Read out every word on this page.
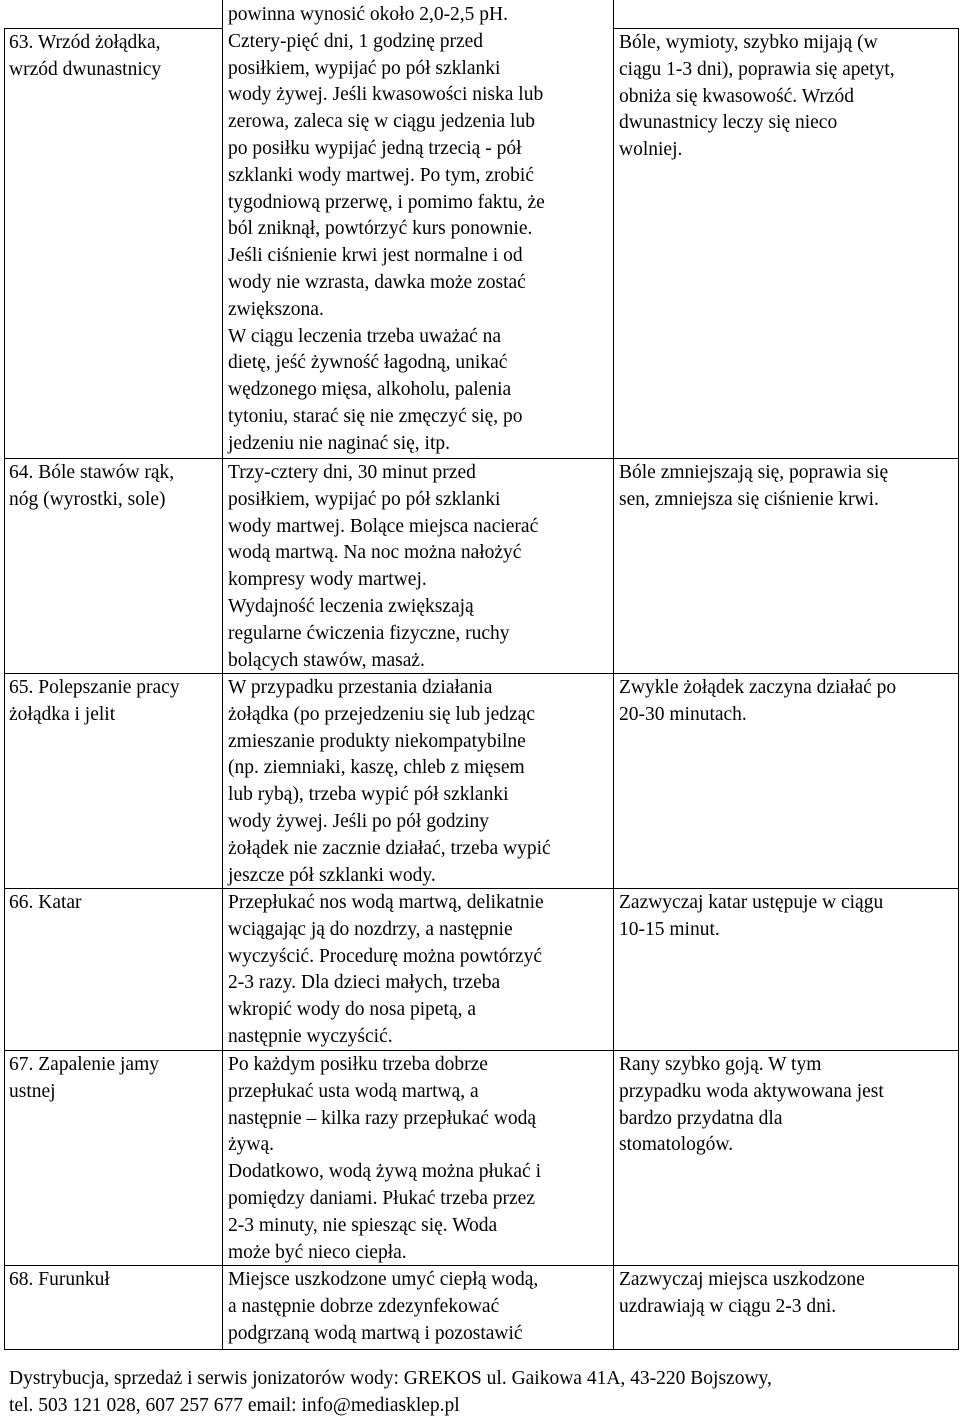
63. Wrzód żołądka,
wrzód dwunastnicy
powinna wynosić około 2,0-2,5 pH.
Cztery-pięć dni, 1 godzinę przed
posiłkiem, wypijać po pół szklanki
wody żywej. Jeśli kwasowości niska lub
zerowa, zaleca się w ciągu jedzenia lub
po posiłku wypijać jedną trzecią - pół
szklanki wody martwej. Po tym, zrobić
tygodniową przerwę, i pomimo faktu, że
ból zniknął, powtórzyć kurs ponownie.
Jeśli ciśnienie krwi jest normalne i od
wody nie wzrasta, dawka może zostać
zwiększona.
W ciągu leczenia trzeba uważać na
dietę, jeść żywność łagodną, unikać
wędzonego mięsa, alkoholu, palenia
tytoniu, starać się nie zmęczyć się, po
jedzeniu nie naginać się, itp.
Bóle, wymioty, szybko mijają (w
ciągu 1-3 dni), poprawia się apetyt,
obniża się kwasowość. Wrzód
dwunastnicy leczy się nieco
wolniej.
64. Bóle stawów rąk,
nóg (wyrostki, sole)
Trzy-cztery dni, 30 minut przed
posiłkiem, wypijać po pół szklanki
wody martwej. Bolące miejsca nacierać
wodą martwą. Na noc można nałożyć
kompresy wody martwej.
Wydajność leczenia zwiększają
regularne ćwiczenia fizyczne, ruchy
bolących stawów, masaż.
Bóle zmniejszają się, poprawia się
sen, zmniejsza się ciśnienie krwi.
65. Polepszanie pracy
żołądka i jelit
W przypadku przestania działania
żołądka (po przejedzeniu się lub jedząc
zmieszanie produkty niekompatybilne
(np. ziemniaki, kaszę, chleb z mięsem
lub rybą), trzeba wypić pół szklanki
wody żywej. Jeśli po pół godziny
żołądek nie zacznie działać, trzeba wypić
jeszcze pół szklanki wody.
Zwykle żołądek zaczyna działać po
20-30 minutach.
66. Katar	Przepłukać nos wodą martwą, delikatnie
wciągając ją do nozdrzy, a następnie
wyczyścić. Procedurę można powtórzyć
2-3 razy. Dla dzieci małych, trzeba
wkropić wody do nosa pipetą, a
następnie wyczyścić.
Zazwyczaj katar ustępuje w ciągu
10-15 minut.
67. Zapalenie jamy
ustnej
Po każdym posiłku trzeba dobrze
przepłukać usta wodą martwą, a
następnie – kilka razy przepłukać wodą
żywą.
Dodatkowo, wodą żywą można płukać i
pomiędzy daniami. Płukać trzeba przez
2-3 minuty, nie spiesząc się. Woda
może być nieco ciepła.
Rany szybko goją. W tym
przypadku woda aktywowana jest
bardzo przydatna dla
stomatologów.
68. Furunkuł	Miejsce uszkodzone umyć ciepłą wodą,
a następnie dobrze zdezynfekować
podgrzaną wodą martwą i pozostawić
Zazwyczaj miejsca uszkodzone
uzdrawiają w ciągu 2-3 dni.
Dystrybucja, sprzedaż i serwis jonizatorów wody: GREKOS ul. Gaikowa 41A, 43-220 Bojszowy,
tel. 503 121 028, 607 257 677 email: info@mediasklep.pl
